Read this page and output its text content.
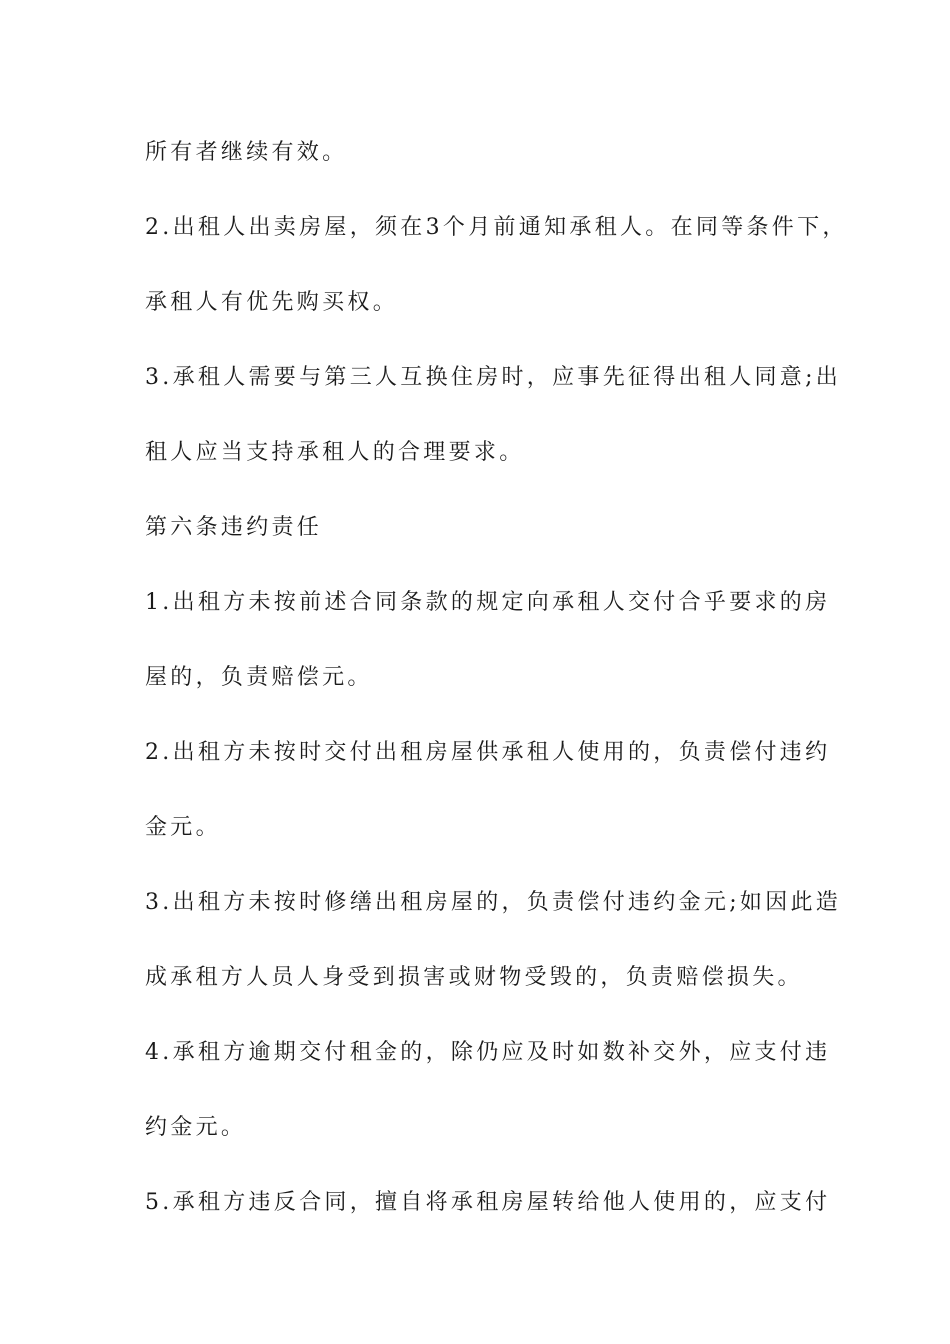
所有者继续有效。
2.出租人出卖房屋，须在3个月前通知承租人。在同等条件下，
承租人有优先购买权。
3.承租人需要与第三人互换住房时，应事先征得出租人同意;出
租人应当支持承租人的合理要求。
第六条违约责任
1.出租方未按前述合同条款的规定向承租人交付合乎要求的房
屋的，负责赔偿元。
2.出租方未按时交付出租房屋供承租人使用的，负责偿付违约
金元。
3.出租方未按时修缮出租房屋的，负责偿付违约金元;如因此造
成承租方人员人身受到损害或财物受毁的，负责赔偿损失。
4.承租方逾期交付租金的，除仍应及时如数补交外，应支付违
约金元。
5.承租方违反合同，擅自将承租房屋转给他人使用的，应支付
